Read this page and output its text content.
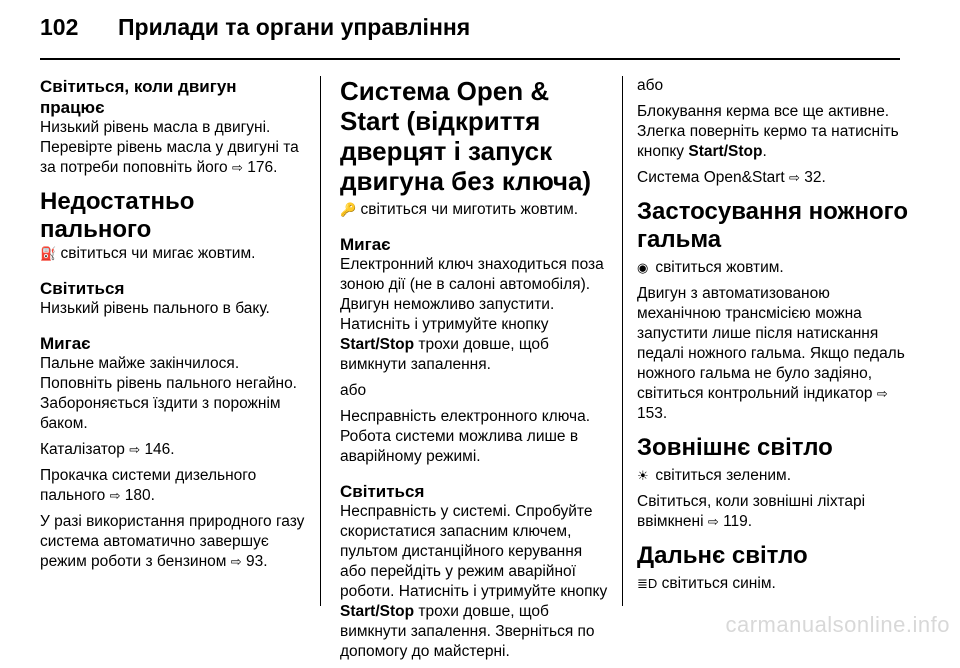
102 Прилади та органи управління
Світиться, коли двигун
працює

Низький рівень масла в двигуні. Перевірте рівень масла у двигуні та за потреби поповніть його ⇨ 176.

Недостатньо пального

⛽ світиться чи мигає жовтим.

Світиться

Низький рівень пального в баку.

Мигає

Пальне майже закінчилося. Поповніть рівень пального негайно. Забороняється їздити з порожнім баком.

Каталізатор ⇨ 146.

Прокачка системи дизельного пального ⇨ 180.

У разі використання природного газу система автоматично завершує режим роботи з бензином ⇨ 93.

Система Open & Start (відкриття дверцят і запуск двигуна без ключа)

🔑 світиться чи миготить жовтим.

Мигає

Електронний ключ знаходиться поза зоною дії (не в салоні автомобіля). Двигун неможливо запустити. Натисніть і утримуйте кнопку Start/Stop трохи довше, щоб вимкнути запалення.

або

Несправність електронного ключа. Робота системи можлива лише в аварійному режимі.

Світиться

Несправність у системі. Спробуйте скористатися запасним ключем, пультом дистанційного керування або перейдіть у режим аварійної роботи. Натисніть і утримуйте кнопку Start/Stop трохи довше, щоб вимкнути запалення. Зверніться по допомогу до майстерні.

або

Блокування керма все ще активне. Злегка поверніть кермо та натисніть кнопку Start/Stop.

Система Open&Start ⇨ 32.

Застосування ножного
гальма

◉ світиться жовтим.

Двигун з автоматизованою механічною трансмісією можна запустити лише після натискання педалі ножного гальма. Якщо педаль ножного гальма не було задіяно, світиться контрольний індикатор ⇨ 153.

Зовнішнє світло

☀ світиться зеленим.

Світиться, коли зовнішні ліхтарі ввімкнені ⇨ 119.

Дальнє світло

≣D світиться синім.

carmanualsonline.info
